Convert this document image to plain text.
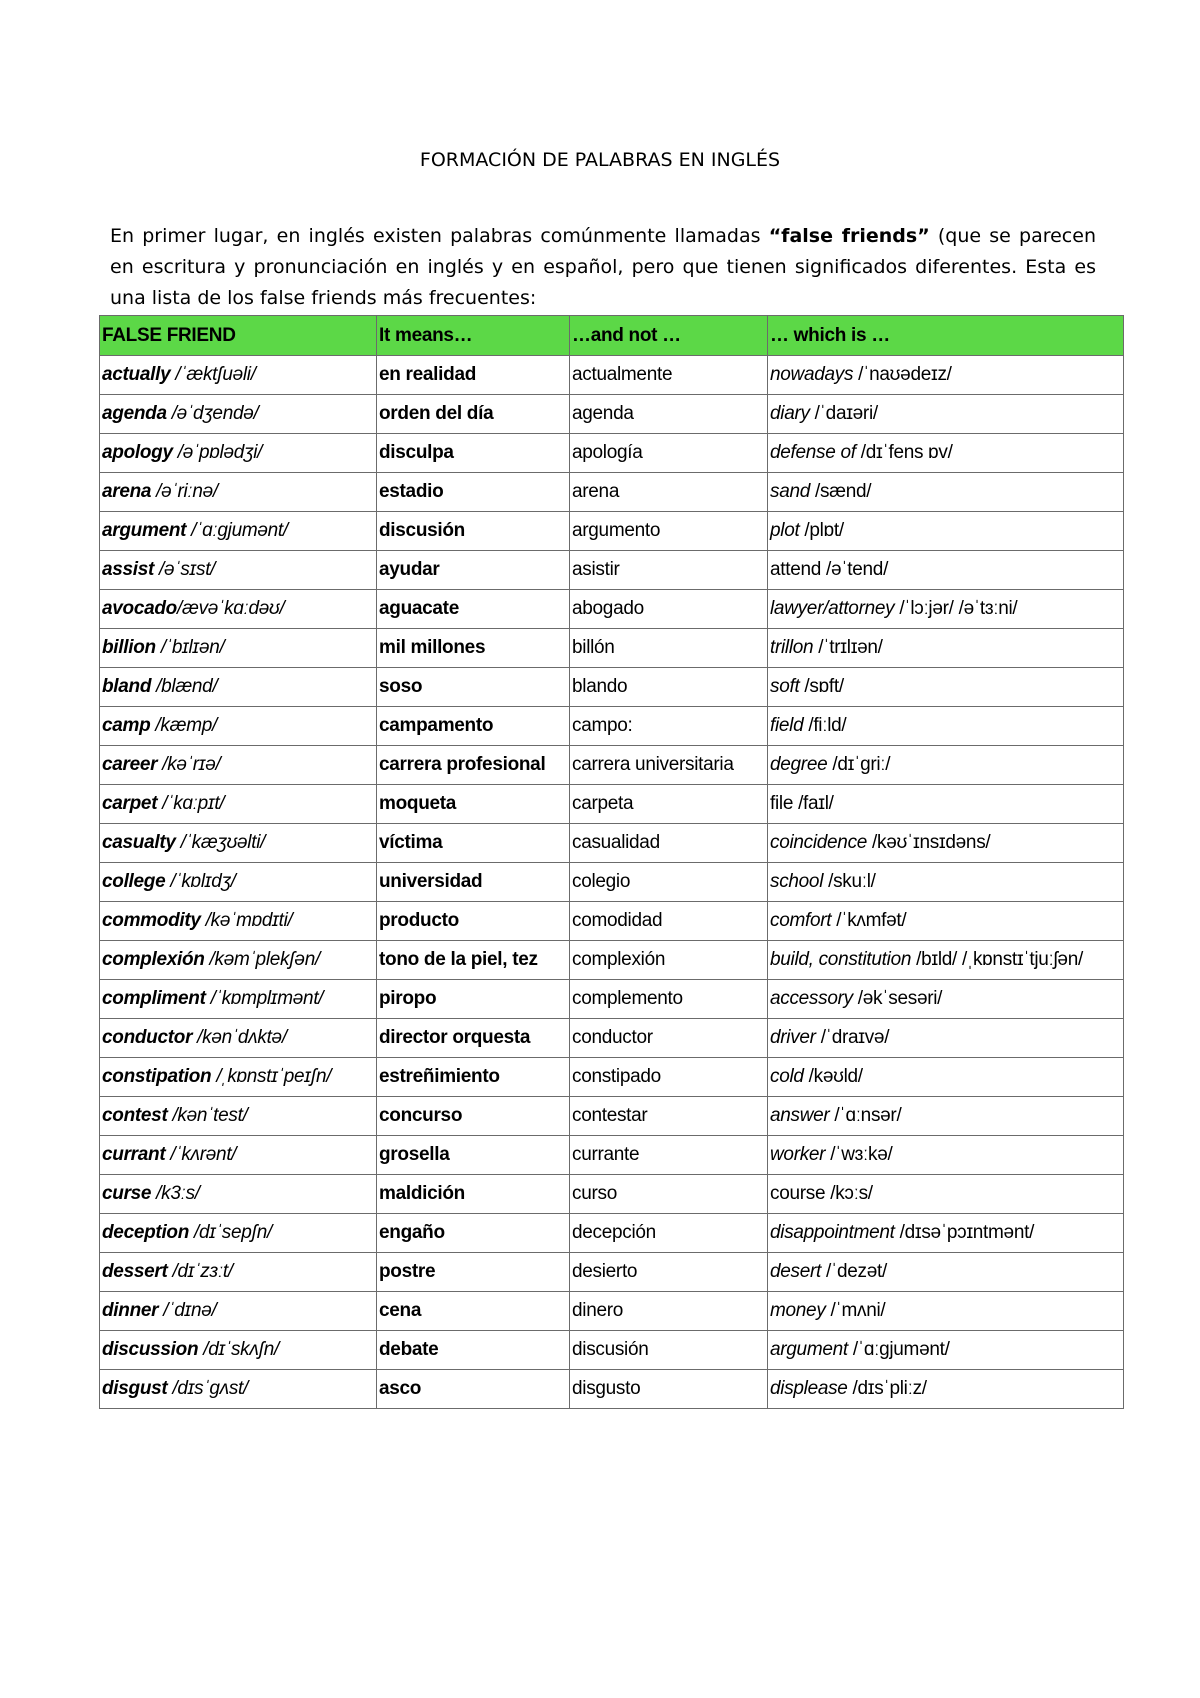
FORMACIÓN DE PALABRAS EN INGLÉS

En primer lugar, en inglés existen palabras comúnmente llamadas “false friends” (que se parecen en escritura y pronunciación en inglés y en español, pero que tienen significados diferentes. Esta es una lista de los false friends más frecuentes:

FALSE FRIEND	It means…	…and not …	… which is …
actually /ˈæktʃuəli/	en realidad	actualmente	nowadays /ˈnaʊədeɪz/
agenda /əˈdʒendə/	orden del día	agenda	diary /ˈdaɪəri/
apology /əˈpɒlədʒi/	disculpa	apología	defense of /dɪˈfens ɒv/
arena /əˈriːnə/	estadio	arena	sand /sænd/
argument /ˈɑːgjumənt/	discusión	argumento	plot /plɒt/
assist /əˈsɪst/	ayudar	asistir	attend /əˈtend/
avocado/ævəˈkɑːdəʊ/	aguacate	abogado	lawyer/attorney /ˈlɔːjər/ /əˈtɜːni/
billion /ˈbɪlɪən/	mil millones	billón	trillon /ˈtrɪlɪən/
bland /blænd/	soso	blando	soft /sɒft/
camp /kæmp/	campamento	campo:	field /fiːld/
career /kəˈrɪə/	carrera profesional	carrera universitaria	degree /dɪˈgriː/
carpet /ˈkɑːpɪt/	moqueta	carpeta	file /faɪl/
casualty /ˈkæʒʊəlti/	víctima	casualidad	coincidence /kəʊˈɪnsɪdəns/
college /ˈkɒlɪdʒ/	universidad	colegio	school /skuːl/
commodity /kəˈmɒdɪti/	producto	comodidad	comfort /ˈkʌmfət/
complexión /kəmˈplekʃən/	tono de la piel, tez	complexión	build, constitution /bɪld/ /ˌkɒnstɪˈtjuːʃən/
compliment /ˈkɒmplɪmənt/	piropo	complemento	accessory /əkˈsesəri/
conductor /kənˈdʌktə/	director orquesta	conductor	driver /ˈdraɪvə/
constipation /ˌkɒnstɪˈpeɪʃn/	estreñimiento	constipado	cold /kəʊld/
contest /kənˈtest/	concurso	contestar	answer /ˈɑːnsər/
currant /ˈkʌrənt/	grosella	currante	worker /ˈwɜːkə/
curse /k3ːs/	maldición	curso	course /kɔːs/
deception /dɪˈsepʃn/	engaño	decepción	disappointment /dɪsəˈpɔɪntmənt/
dessert /dɪˈzɜːt/	postre	desierto	desert /ˈdezət/
dinner /ˈdɪnə/	cena	dinero	money /ˈmʌni/
discussion /dɪˈskʌʃn/	debate	discusión	argument /ˈɑːgjumənt/
disgust /dɪsˈgʌst/	asco	disgusto	displease /dɪsˈpliːz/
